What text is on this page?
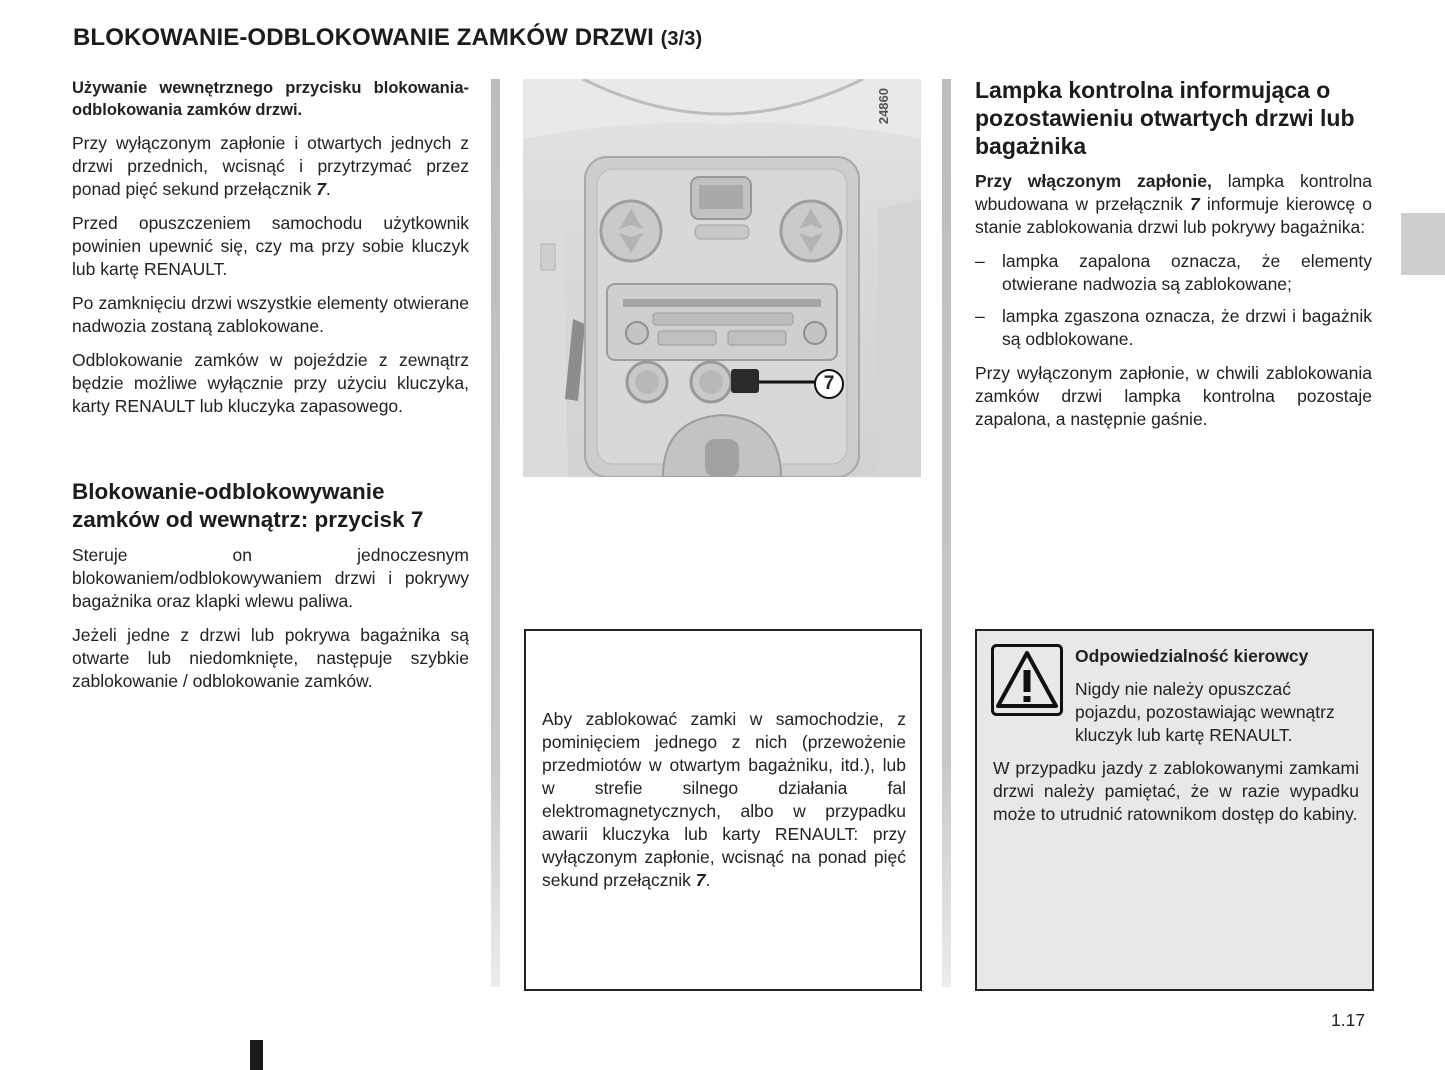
BLOKOWANIE-ODBLOKOWANIE ZAMKÓW DRZWI (3/3)

Używanie wewnętrznego przycisku blokowania-odblokowania zamków drzwi.

Przy wyłączonym zapłonie i otwartych jednych z drzwi przednich, wcisnąć i przytrzymać przez ponad pięć sekund przełącznik 7.

Przed opuszczeniem samochodu użytkownik powinien upewnić się, czy ma przy sobie kluczyk lub kartę RENAULT.

Po zamknięciu drzwi wszystkie elementy otwierane nadwozia zostaną zablokowane.

Odblokowanie zamków w pojeździe z zewnątrz będzie możliwe wyłącznie przy użyciu kluczyka, karty RENAULT lub kluczyka zapasowego.

Blokowanie-odblokowywanie
zamków od wewnątrz: przycisk 7

Steruje on jednoczesnym blokowaniem/odblokowywaniem drzwi i pokrywy bagażnika oraz klapki wlewu paliwa.

Jeżeli jedne z drzwi lub pokrywa bagażnika są otwarte lub niedomknięte, następuje szybkie zablokowanie / odblokowanie zamków.

7
24860
Aby zablokować zamki w samochodzie, z pominięciem jednego z nich (przewożenie przedmiotów w otwartym bagażniku, itd.), lub w strefie silnego działania fal elektromagnetycznych, albo w przypadku awarii kluczyka lub karty RENAULT: przy wyłączonym zapłonie, wcisnąć na ponad pięć sekund przełącznik 7.
Lampka kontrolna informująca o pozostawieniu otwartych drzwi lub bagażnika

Przy włączonym zapłonie, lampka kontrolna wbudowana w przełącznik 7 informuje kierowcę o stanie zablokowania drzwi lub pokrywy bagażnika:

– lampka zapalona oznacza, że elementy otwierane nadwozia są zablokowane;
– lampka zgaszona oznacza, że drzwi i bagażnik są odblokowane.

Przy wyłączonym zapłonie, w chwili zablokowania zamków drzwi lampka kontrolna pozostaje zapalona, a następnie gaśnie.

Odpowiedzialność kierowcy
Nigdy nie należy opuszczać pojazdu, pozostawiając wewnątrz kluczyk lub kartę RENAULT.
W przypadku jazdy z zablokowanymi zamkami drzwi należy pamiętać, że w razie wypadku może to utrudnić ratownikom dostęp do kabiny.
1.17
